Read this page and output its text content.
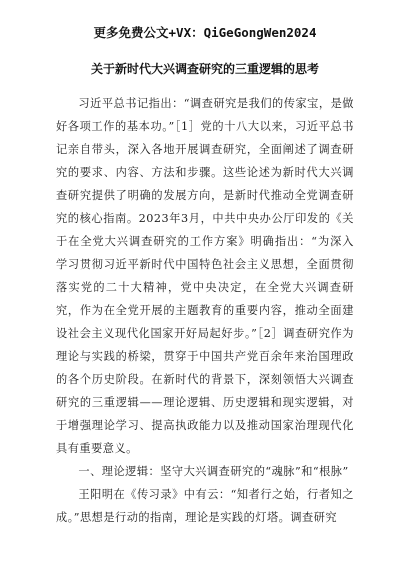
更多免费公文+VX：QiGeGongWen2024
关于新时代大兴调查研究的三重逻辑的思考

习近平总书记指出：“调查研究是我们的传家宝，是做好各项工作的基本功。”［1］党的十八大以来，习近平总书记亲自带头，深入各地开展调查研究，全面阐述了调查研究的要求、内容、方法和步骤。这些论述为新时代大兴调查研究提供了明确的发展方向，是新时代推动全党调查研究的核心指南。2023年3月，中共中央办公厅印发的《关于在全党大兴调查研究的工作方案》明确指出：“为深入学习贯彻习近平新时代中国特色社会主义思想，全面贯彻落实党的二十大精神，党中央决定，在全党大兴调查研究，作为在全党开展的主题教育的重要内容，推动全面建设社会主义现代化国家开好局起好步。”［2］调查研究作为理论与实践的桥梁，贯穿于中国共产党百余年来治国理政的各个历史阶段。在新时代的背景下，深刻领悟大兴调查研究的三重逻辑——理论逻辑、历史逻辑和现实逻辑，对于增强理论学习、提高执政能力以及推动国家治理现代化具有重要意义。

一、理论逻辑：坚守大兴调查研究的“魂脉”和“根脉”

王阳明在《传习录》中有云：“知者行之始，行者知之成。”思想是行动的指南，理论是实践的灯塔。调查研究
